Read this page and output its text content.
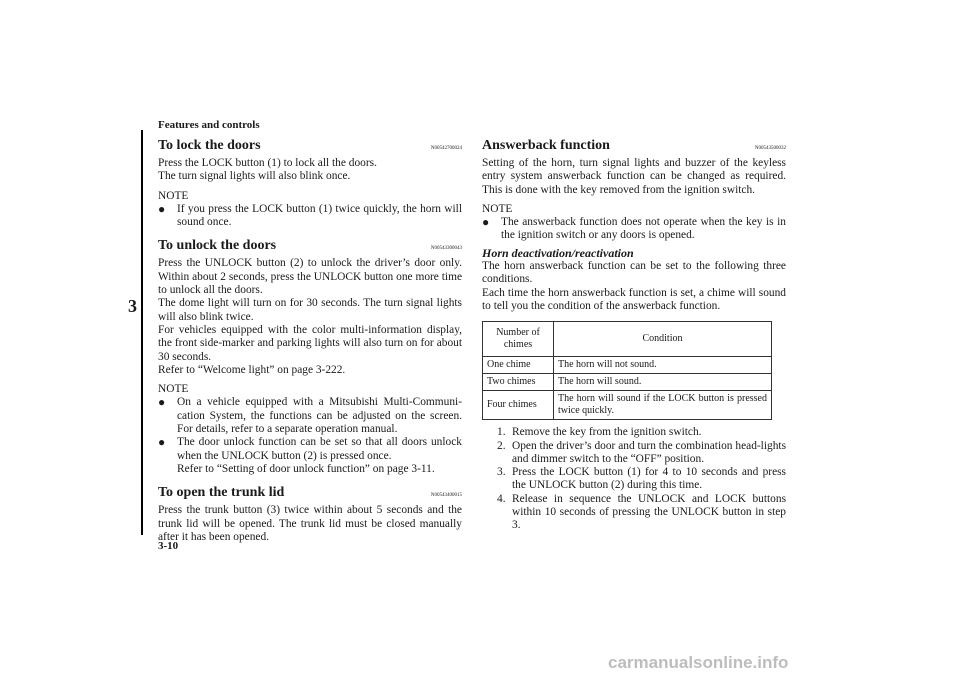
Features and controls
3
3-10
To lock the doors	N00542700024

Press the LOCK button (1) to lock all the doors.

The turn signal lights will also blink once.

NOTE
● If you press the LOCK button (1) twice quickly, the horn will sound once.
To unlock the doors	N00543300043

Press the UNLOCK button (2) to unlock the driver’s door only. Within about 2 seconds, press the UNLOCK button one more time to unlock all the doors.

The dome light will turn on for 30 seconds. The turn signal lights will also blink twice.

For vehicles equipped with the color multi-information display, the front side-marker and parking lights will also turn on for about 30 seconds.

Refer to “Welcome light” on page 3-222.

NOTE
● On a vehicle equipped with a Mitsubishi Multi-Communi-cation System, the functions can be adjusted on the screen. For details, refer to a separate operation manual.
● The door unlock function can be set so that all doors unlock when the UNLOCK button (2) is pressed once.
Refer to “Setting of door unlock function” on page 3-11.
To open the trunk lid	N00543400015

Press the trunk button (3) twice within about 5 seconds and the trunk lid will be opened. The trunk lid must be closed manually after it has been opened.

Answerback function	N00543500032

Setting of the horn, turn signal lights and buzzer of the keyless entry system answerback function can be changed as required. This is done with the key removed from the ignition switch.

NOTE
● The answerback function does not operate when the key is in the ignition switch or any doors is opened.
Horn deactivation/reactivation

The horn answerback function can be set to the following three conditions.

Each time the horn answerback function is set, a chime will sound to tell you the condition of the answerback function.

Number of chimes	Condition
One chime	The horn will not sound.
Two chimes	The horn will sound.
Four chimes	The horn will sound if the LOCK button is pressed twice quickly.
1. Remove the key from the ignition switch.
2. Open the driver’s door and turn the combination head-lights and dimmer switch to the “OFF” position.
3. Press the LOCK button (1) for 4 to 10 seconds and press the UNLOCK button (2) during this time.
4. Release in sequence the UNLOCK and LOCK buttons within 10 seconds of pressing the UNLOCK button in step 3.
carmanualsonline.info
